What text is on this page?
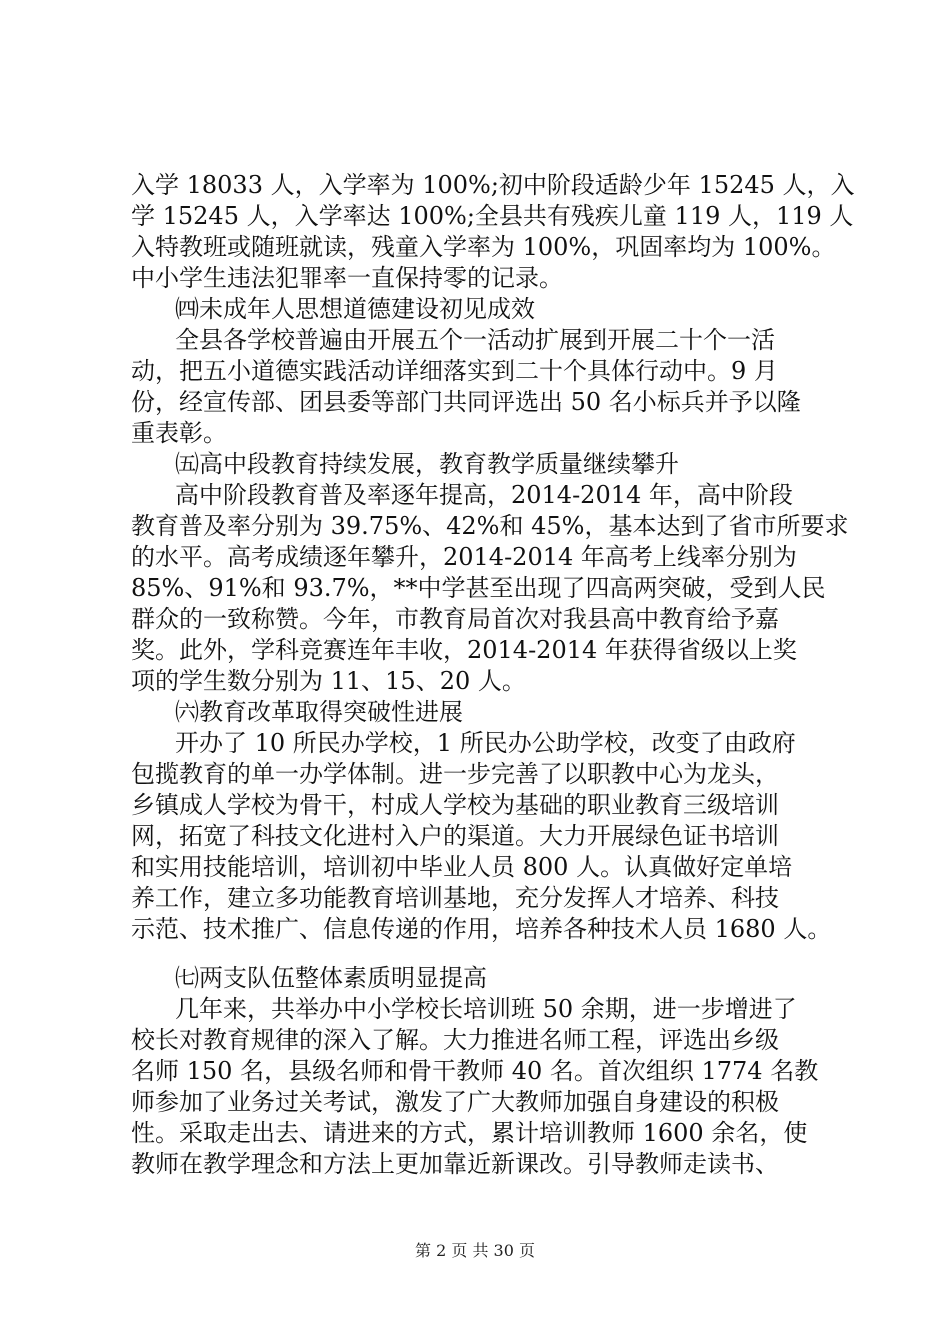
入学 18033 人，入学率为 100%;初中阶段适龄少年 15245 人，入
学 15245 人，入学率达 100%;全县共有残疾儿童 119 人，119 人
入特教班或随班就读，残童入学率为 100%，巩固率均为 100%。
中小学生违法犯罪率一直保持零的记录。
㈣未成年人思想道德建设初见成效
全县各学校普遍由开展五个一活动扩展到开展二十个一活
动，把五小道德实践活动详细落实到二十个具体行动中。9 月
份，经宣传部、团县委等部门共同评选出 50 名小标兵并予以隆
重表彰。
㈤高中段教育持续发展，教育教学质量继续攀升
高中阶段教育普及率逐年提高，2014-2014 年，高中阶段
教育普及率分别为 39.75%、42%和 45%，基本达到了省市所要求
的水平。高考成绩逐年攀升，2014-2014 年高考上线率分别为
85%、91%和 93.7%，**中学甚至出现了四高两突破，受到人民
群众的一致称赞。今年，市教育局首次对我县高中教育给予嘉
奖。此外，学科竞赛连年丰收，2014-2014 年获得省级以上奖
项的学生数分别为 11、15、20 人。
㈥教育改革取得突破性进展
开办了 10 所民办学校，1 所民办公助学校，改变了由政府
包揽教育的单一办学体制。进一步完善了以职教中心为龙头，
乡镇成人学校为骨干，村成人学校为基础的职业教育三级培训
网，拓宽了科技文化进村入户的渠道。大力开展绿色证书培训
和实用技能培训，培训初中毕业人员 800 人。认真做好定单培
养工作，建立多功能教育培训基地，充分发挥人才培养、科技
示范、技术推广、信息传递的作用，培养各种技术人员 1680 人。
㈦两支队伍整体素质明显提高
几年来，共举办中小学校长培训班 50 余期，进一步增进了
校长对教育规律的深入了解。大力推进名师工程，评选出乡级
名师 150 名，县级名师和骨干教师 40 名。首次组织 1774 名教
师参加了业务过关考试，激发了广大教师加强自身建设的积极
性。采取走出去、请进来的方式，累计培训教师 1600 余名，使
教师在教学理念和方法上更加靠近新课改。引导教师走读书、
第 2 页 共 30 页
